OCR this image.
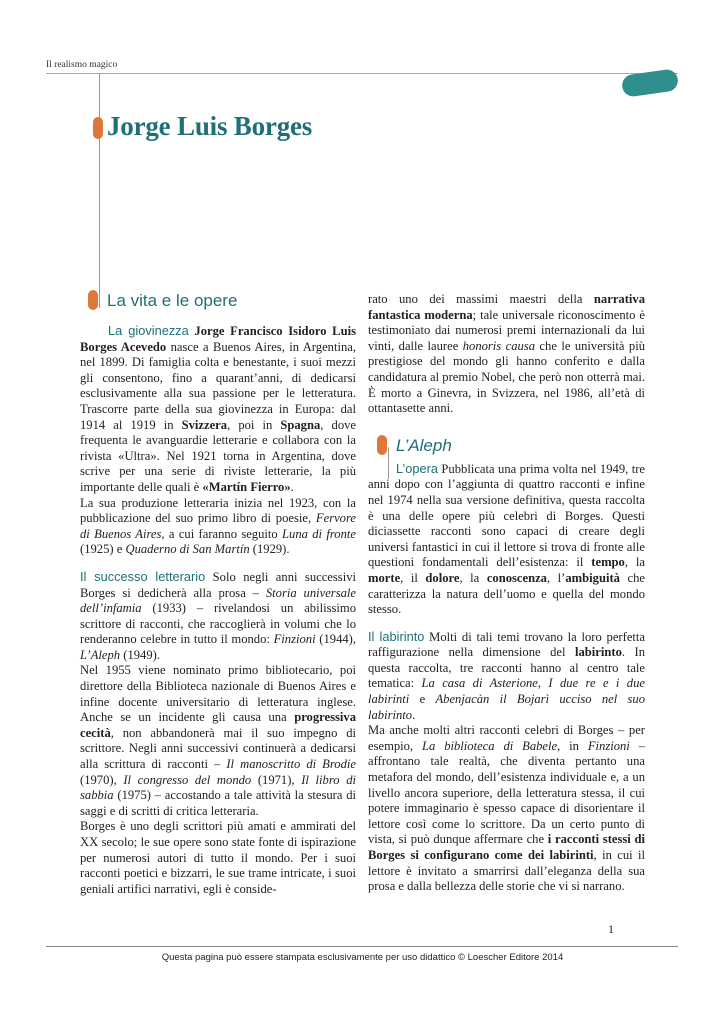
Il realismo magico
Jorge Luis Borges
La vita e le opere

La giovinezza Jorge Francisco Isidoro Luis Borges Acevedo nasce a Buenos Aires, in Argentina, nel 1899. Di famiglia colta e benestante, i suoi mezzi gli consentono, fino a quarant’anni, di dedicarsi esclusivamente alla sua passione per le letteratura. Trascorre parte della sua giovinezza in Europa: dal 1914 al 1919 in Svizzera, poi in Spagna, dove frequenta le avanguardie letterarie e collabora con la rivista «Ultra». Nel 1921 torna in Argentina, dove scrive per una serie di riviste letterarie, la più importante delle quali è «Martín Fierro».

La sua produzione letteraria inizia nel 1923, con la pubblicazione del suo primo libro di poesie, Fervore di Buenos Aires, a cui faranno seguito Luna di fronte (1925) e Quaderno di San Martín (1929).

Il successo letterario Solo negli anni successivi Borges si dedicherà alla prosa – Storia universale dell’infamia (1933) – rivelandosi un abilissimo scrittore di racconti, che raccoglierà in volumi che lo renderanno celebre in tutto il mondo: Finzioni (1944), L’Aleph (1949).

Nel 1955 viene nominato primo bibliotecario, poi direttore della Biblioteca nazionale di Buenos Aires e infine docente universitario di letteratura inglese. Anche se un incidente gli causa una progressiva cecità, non abbandonerà mai il suo impegno di scrittore. Negli anni successivi continuerà a dedicarsi alla scrittura di racconti – Il manoscritto di Brodie (1970), Il congresso del mondo (1971), Il libro di sabbia (1975) – accostando a tale attività la stesura di saggi e di scritti di critica letteraria.

Borges è uno degli scrittori più amati e ammirati del XX secolo; le sue opere sono state fonte di ispirazione per numerosi autori di tutto il mondo. Per i suoi racconti poetici e bizzarri, le sue trame intricate, i suoi geniali artifici narrativi, egli è conside-

L’Aleph

rato uno dei massimi maestri della narrativa fantastica moderna; tale universale riconoscimento è testimoniato dai numerosi premi internazionali da lui vinti, dalle lauree honoris causa che le università più prestigiose del mondo gli hanno conferito e dalla candidatura al premio Nobel, che però non otterrà mai. È morto a Ginevra, in Svizzera, nel 1986, all’età di ottantasette anni.

L’opera Pubblicata una prima volta nel 1949, tre anni dopo con l’aggiunta di quattro racconti e infine nel 1974 nella sua versione definitiva, questa raccolta è una delle opere più celebri di Borges. Questi diciassette racconti sono capaci di creare degli universi fantastici in cui il lettore si trova di fronte alle questioni fondamentali dell’esistenza: il tempo, la morte, il dolore, la conoscenza, l’ambiguità che caratterizza la natura dell’uomo e quella del mondo stesso.

Il labirinto Molti di tali temi trovano la loro perfetta raffigurazione nella dimensione del labirinto. In questa raccolta, tre racconti hanno al centro tale tematica: La casa di Asterione, I due re e i due labirinti e Abenjacàn il Bojarì ucciso nel suo labirinto.

Ma anche molti altri racconti celebri di Borges – per esempio, La biblioteca di Babele, in Finzioni – affrontano tale realtà, che diventa pertanto una metafora del mondo, dell’esistenza individuale e, a un livello ancora superiore, della letteratura stessa, il cui potere immaginario è spesso capace di disorientare il lettore così come lo scrittore. Da un certo punto di vista, si può dunque affermare che i racconti stessi di Borges si configurano come dei labirinti, in cui il lettore è invitato a smarrirsi dall’eleganza della sua prosa e dalla bellezza delle storie che vi si narrano.

1
Questa pagina può essere stampata esclusivamente per uso didattico © Loescher Editore 2014
